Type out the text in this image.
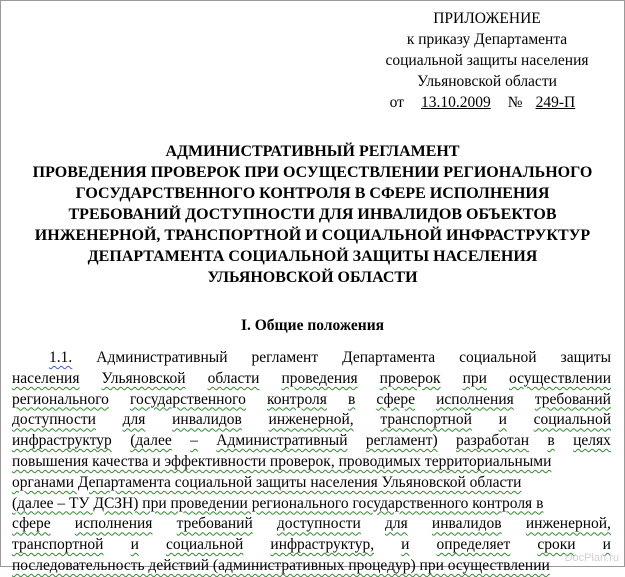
ПРИЛОЖЕНИЕ
к приказу Департамента
социальной защиты населения
Ульяновской области
от 13.10.2009 № 249-П
АДМИНИСТРАТИВНЫЙ РЕГЛАМЕНТ
ПРОВЕДЕНИЯ ПРОВЕРОК ПРИ ОСУЩЕСТВЛЕНИИ РЕГИОНАЛЬНОГО
ГОСУДАРСТВЕННОГО КОНТРОЛЯ В СФЕРЕ ИСПОЛНЕНИЯ
ТРЕБОВАНИЙ ДОСТУПНОСТИ ДЛЯ ИНВАЛИДОВ ОБЪЕКТОВ
ИНЖЕНЕРНОЙ, ТРАНСПОРТНОЙ И СОЦИАЛЬНОЙ ИНФРАСТРУКТУР
ДЕПАРТАМЕНТА СОЦИАЛЬНОЙ ЗАЩИТЫ НАСЕЛЕНИЯ
УЛЬЯНОВСКОЙ ОБЛАСТИ
I. Общие положения
1.1. Административный регламент Департамента социальной защиты
населения Ульяновской области проведения проверок при осуществлении
регионального государственного контроля в сфере исполнения требований
доступности для инвалидов инженерной, транспортной и социальной
инфраструктур (далее – Административный регламент) разработан в целях
повышения качества и эффективности проверок, проводимых территориальными
органами Департамента социальной защиты населения Ульяновской области
(далее – ТУ ДСЗН) при проведении регионального государственного контроля в
сфере исполнения требований доступности для инвалидов инженерной,
транспортной и социальной инфраструктур, и определяет сроки и
последовательность действий (административных процедур) при осуществлении DocPlan.ru
